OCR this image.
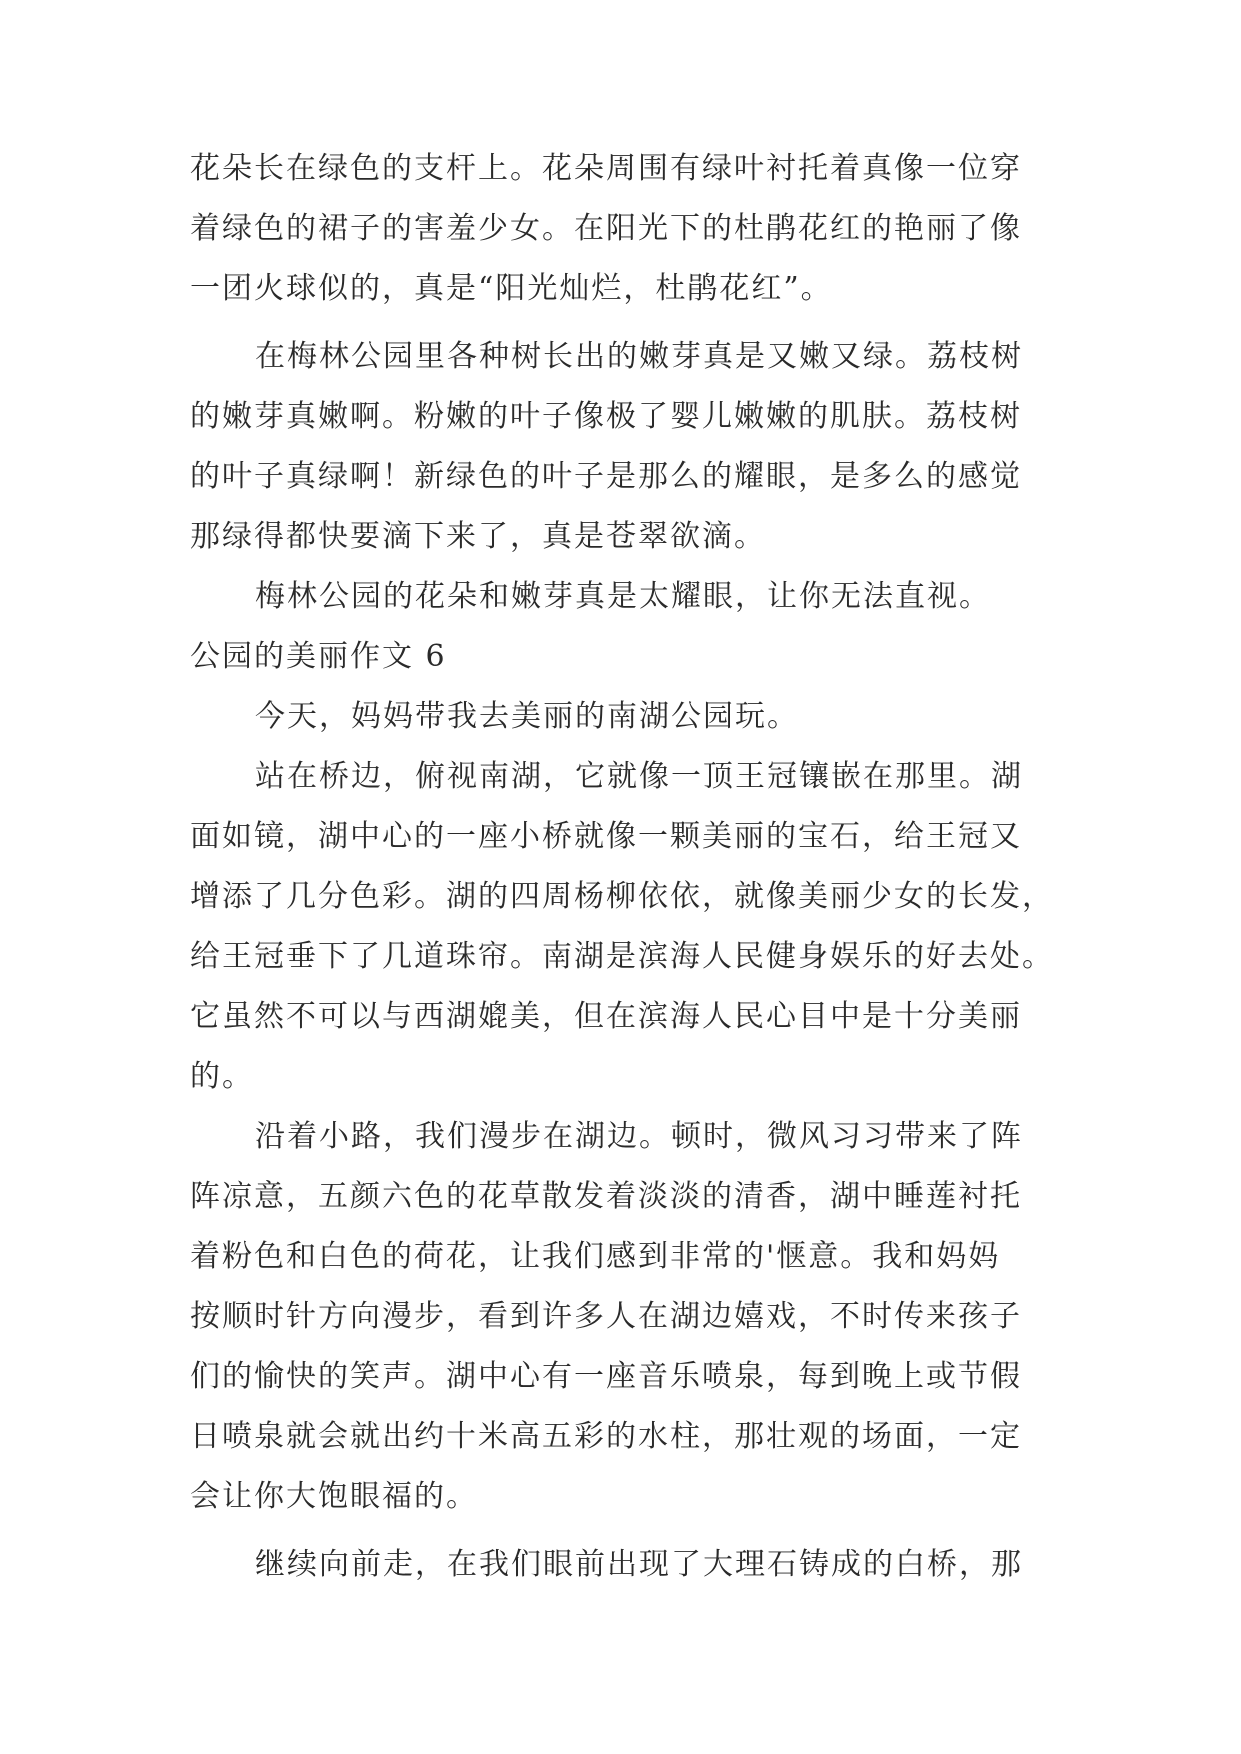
花朵长在绿色的支杆上。花朵周围有绿叶衬托着真像一位穿
着绿色的裙子的害羞少女。在阳光下的杜鹃花红的艳丽了像
一团火球似的，真是“阳光灿烂，杜鹃花红”。
在梅林公园里各种树长出的嫩芽真是又嫩又绿。荔枝树
的嫩芽真嫩啊。粉嫩的叶子像极了婴儿嫩嫩的肌肤。荔枝树
的叶子真绿啊！新绿色的叶子是那么的耀眼，是多么的感觉
那绿得都快要滴下来了，真是苍翠欲滴。
梅林公园的花朵和嫩芽真是太耀眼，让你无法直视。
公园的美丽作文 6
今天，妈妈带我去美丽的南湖公园玩。
站在桥边，俯视南湖，它就像一顶王冠镶嵌在那里。湖
面如镜，湖中心的一座小桥就像一颗美丽的宝石，给王冠又
增添了几分色彩。湖的四周杨柳依依，就像美丽少女的长发，
给王冠垂下了几道珠帘。南湖是滨海人民健身娱乐的好去处。
它虽然不可以与西湖媲美，但在滨海人民心目中是十分美丽
的。
沿着小路，我们漫步在湖边。顿时，微风习习带来了阵
阵凉意，五颜六色的花草散发着淡淡的清香，湖中睡莲衬托
着粉色和白色的荷花，让我们感到非常的'惬意。我和妈妈
按顺时针方向漫步，看到许多人在湖边嬉戏，不时传来孩子
们的愉快的笑声。湖中心有一座音乐喷泉，每到晚上或节假
日喷泉就会就出约十米高五彩的水柱，那壮观的场面，一定
会让你大饱眼福的。
继续向前走，在我们眼前出现了大理石铸成的白桥，那
